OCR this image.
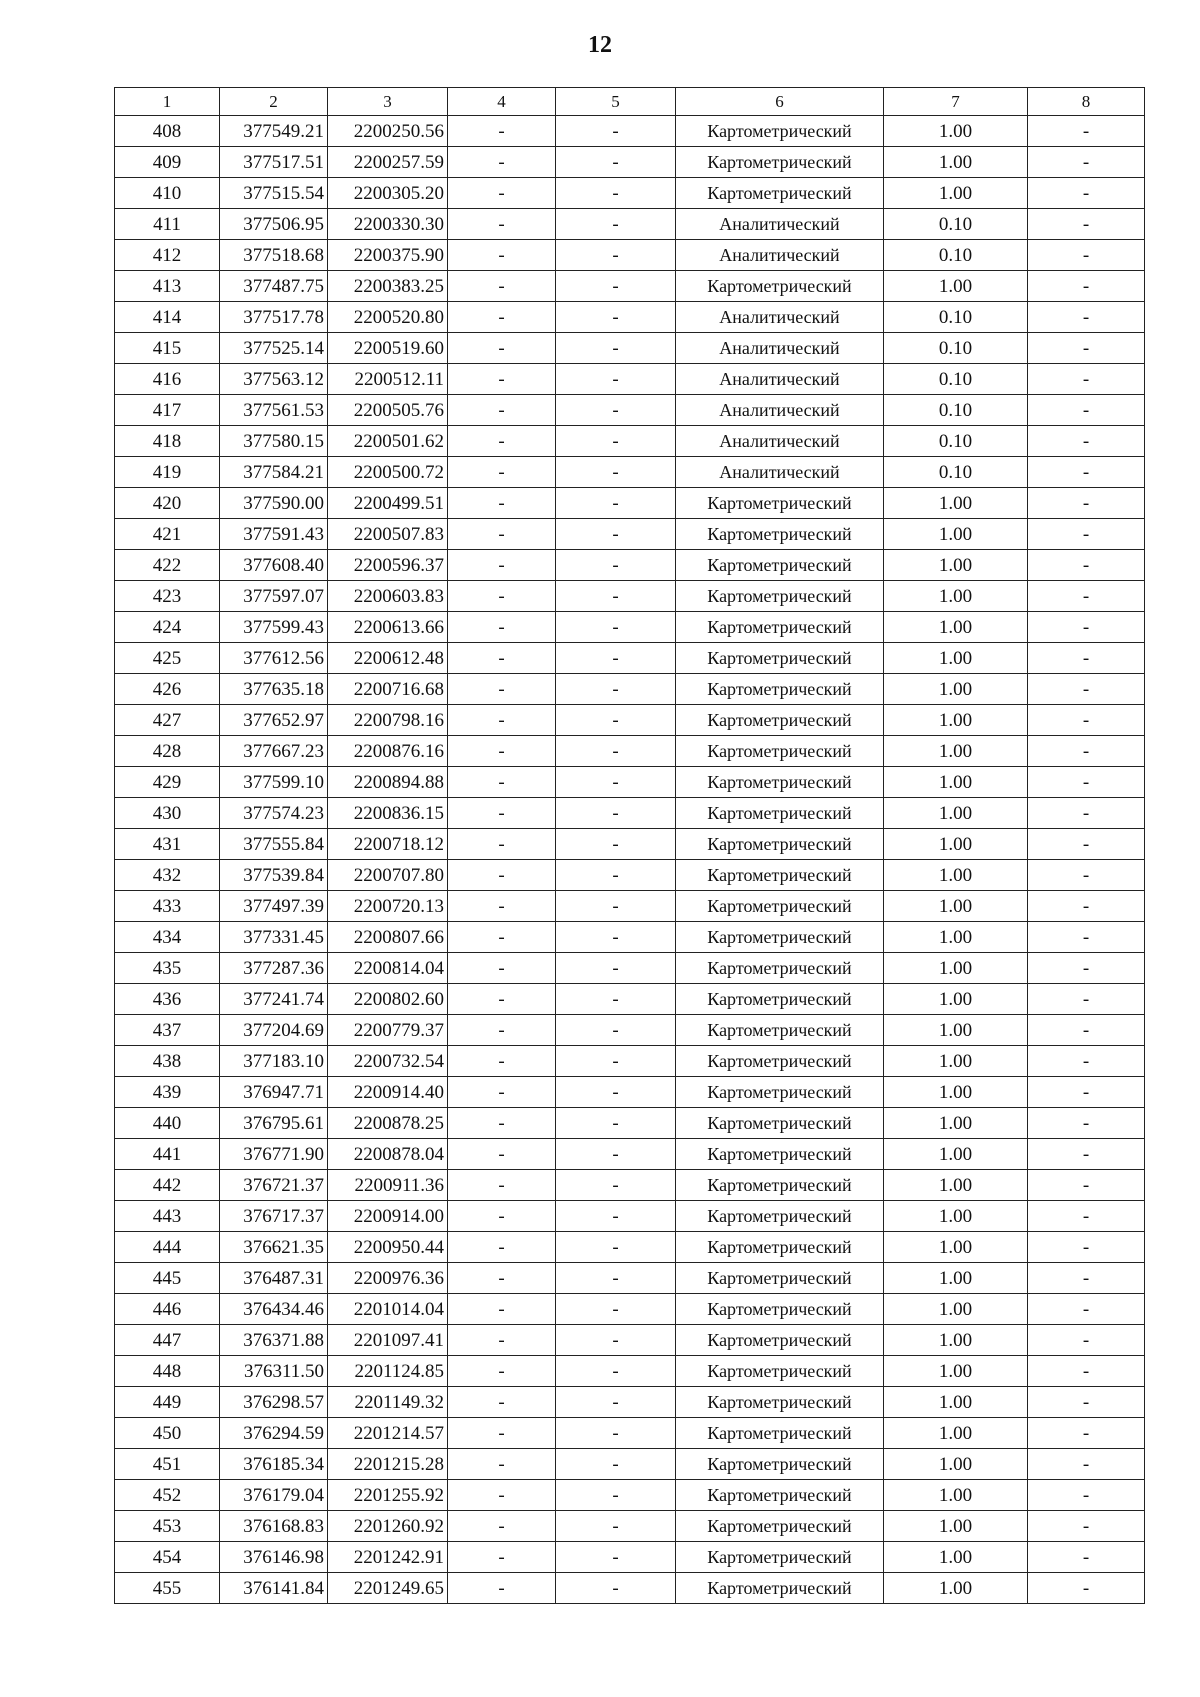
12
1	2	3	4	5	6	7	8
408	377549.21	2200250.56	-	-	Картометрический	1.00	-
409	377517.51	2200257.59	-	-	Картометрический	1.00	-
410	377515.54	2200305.20	-	-	Картометрический	1.00	-
411	377506.95	2200330.30	-	-	Аналитический	0.10	-
412	377518.68	2200375.90	-	-	Аналитический	0.10	-
413	377487.75	2200383.25	-	-	Картометрический	1.00	-
414	377517.78	2200520.80	-	-	Аналитический	0.10	-
415	377525.14	2200519.60	-	-	Аналитический	0.10	-
416	377563.12	2200512.11	-	-	Аналитический	0.10	-
417	377561.53	2200505.76	-	-	Аналитический	0.10	-
418	377580.15	2200501.62	-	-	Аналитический	0.10	-
419	377584.21	2200500.72	-	-	Аналитический	0.10	-
420	377590.00	2200499.51	-	-	Картометрический	1.00	-
421	377591.43	2200507.83	-	-	Картометрический	1.00	-
422	377608.40	2200596.37	-	-	Картометрический	1.00	-
423	377597.07	2200603.83	-	-	Картометрический	1.00	-
424	377599.43	2200613.66	-	-	Картометрический	1.00	-
425	377612.56	2200612.48	-	-	Картометрический	1.00	-
426	377635.18	2200716.68	-	-	Картометрический	1.00	-
427	377652.97	2200798.16	-	-	Картометрический	1.00	-
428	377667.23	2200876.16	-	-	Картометрический	1.00	-
429	377599.10	2200894.88	-	-	Картометрический	1.00	-
430	377574.23	2200836.15	-	-	Картометрический	1.00	-
431	377555.84	2200718.12	-	-	Картометрический	1.00	-
432	377539.84	2200707.80	-	-	Картометрический	1.00	-
433	377497.39	2200720.13	-	-	Картометрический	1.00	-
434	377331.45	2200807.66	-	-	Картометрический	1.00	-
435	377287.36	2200814.04	-	-	Картометрический	1.00	-
436	377241.74	2200802.60	-	-	Картометрический	1.00	-
437	377204.69	2200779.37	-	-	Картометрический	1.00	-
438	377183.10	2200732.54	-	-	Картометрический	1.00	-
439	376947.71	2200914.40	-	-	Картометрический	1.00	-
440	376795.61	2200878.25	-	-	Картометрический	1.00	-
441	376771.90	2200878.04	-	-	Картометрический	1.00	-
442	376721.37	2200911.36	-	-	Картометрический	1.00	-
443	376717.37	2200914.00	-	-	Картометрический	1.00	-
444	376621.35	2200950.44	-	-	Картометрический	1.00	-
445	376487.31	2200976.36	-	-	Картометрический	1.00	-
446	376434.46	2201014.04	-	-	Картометрический	1.00	-
447	376371.88	2201097.41	-	-	Картометрический	1.00	-
448	376311.50	2201124.85	-	-	Картометрический	1.00	-
449	376298.57	2201149.32	-	-	Картометрический	1.00	-
450	376294.59	2201214.57	-	-	Картометрический	1.00	-
451	376185.34	2201215.28	-	-	Картометрический	1.00	-
452	376179.04	2201255.92	-	-	Картометрический	1.00	-
453	376168.83	2201260.92	-	-	Картометрический	1.00	-
454	376146.98	2201242.91	-	-	Картометрический	1.00	-
455	376141.84	2201249.65	-	-	Картометрический	1.00	-
